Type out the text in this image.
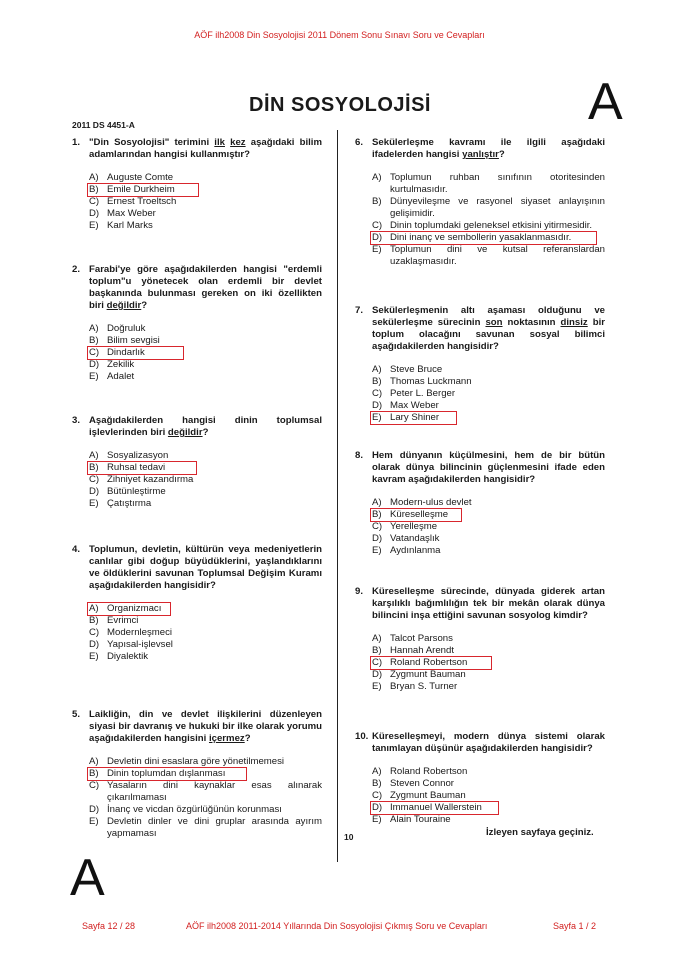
AÖF ilh2008 Din Sosyolojisi 2011 Dönem Sonu Sınavı Soru ve Cevapları
DİN SOSYOLOJİSİ	A
2011 DS 4451-A
1. "Din Sosyolojisi" terimini ilk kez aşağıdaki bilim adamlarından hangisi kullanmıştır?
A) Auguste Comte
B) Emile Durkheim
C) Ernest Troeltsch
D) Max Weber
E) Karl Marks
2. Farabi'ye göre aşağıdakilerden hangisi "erdemli toplum"u yönetecek olan erdemli bir devlet başkanında bulunması gereken on iki özellikten biri değildir?
A) Doğruluk
B) Bilim sevgisi
C) Dindarlık
D) Zekilik
E) Adalet
3. Aşağıdakilerden hangisi dinin toplumsal işlevlerinden biri değildir?
A) Sosyalizasyon
B) Ruhsal tedavi
C) Zihniyet kazandırma
D) Bütünleştirme
E) Çatıştırma
4. Toplumun, devletin, kültürün veya medeniyetlerin canlılar gibi doğup büyüdüklerini, yaşlandıklarını ve öldüklerini savunan Toplumsal Değişim Kuramı aşağıdakilerden hangisidir?
A) Organizmacı
B) Evrimci
C) Modernleşmeci
D) Yapısal-işlevsel
E) Diyalektik
5. Laikliğin, din ve devlet ilişkilerini düzenleyen siyasi bir davranış ve hukuki bir ilke olarak yorumu aşağıdakilerden hangisini içermez?
A) Devletin dini esaslara göre yönetilmemesi
B) Dinin toplumdan dışlanması
C) Yasaların dini kaynaklar esas alınarak çıkarılmaması
D) İnanç ve vicdan özgürlüğünün korunması
E) Devletin dinler ve dini gruplar arasında ayırım yapmaması
6. Sekülerleşme kavramı ile ilgili aşağıdaki ifadelerden hangisi yanlıştır?
A) Toplumun ruhban sınıfının otoritesinden kurtulmasıdır.
B) Dünyevileşme ve rasyonel siyaset anlayışının gelişimidir.
C) Dinin toplumdaki geleneksel etkisini yitirmesidir.
D) Dini inanç ve sembollerin yasaklanmasıdır.
E) Toplumun dini ve kutsal referanslardan uzaklaşmasıdır.
7. Sekülerleşmenin altı aşaması olduğunu ve sekülerleşme sürecinin son noktasının dinsiz bir toplum olacağını savunan sosyal bilimci aşağıdakilerden hangisidir?
A) Steve Bruce
B) Thomas Luckmann
C) Peter L. Berger
D) Max Weber
E) Lary Shiner
8. Hem dünyanın küçülmesini, hem de bir bütün olarak dünya bilincinin güçlenmesini ifade eden kavram aşağıdakilerden hangisidir?
A) Modern-ulus devlet
B) Küreselleşme
C) Yerelleşme
D) Vatandaşlık
E) Aydınlanma
9. Küreselleşme sürecinde, dünyada giderek artan karşılıklı bağımlılığın tek bir mekân olarak dünya bilincini inşa ettiğini savunan sosyolog kimdir?
A) Talcot Parsons
B) Hannah Arendt
C) Roland Robertson
D) Zygmunt Bauman
E) Bryan S. Turner
10. Küreselleşmeyi, modern dünya sistemi olarak tanımlayan düşünür aşağıdakilerden hangisidir?
A) Roland Robertson
B) Steven Connor
C) Zygmunt Bauman
D) Immanuel Wallerstein
E) Alain Touraine
10	İzleyen sayfaya geçiniz.
A
Sayfa 12 / 28	AÖF ilh2008 2011-2014 Yıllarında Din Sosyolojisi Çıkmış Soru ve Cevapları	Sayfa 1 / 2
